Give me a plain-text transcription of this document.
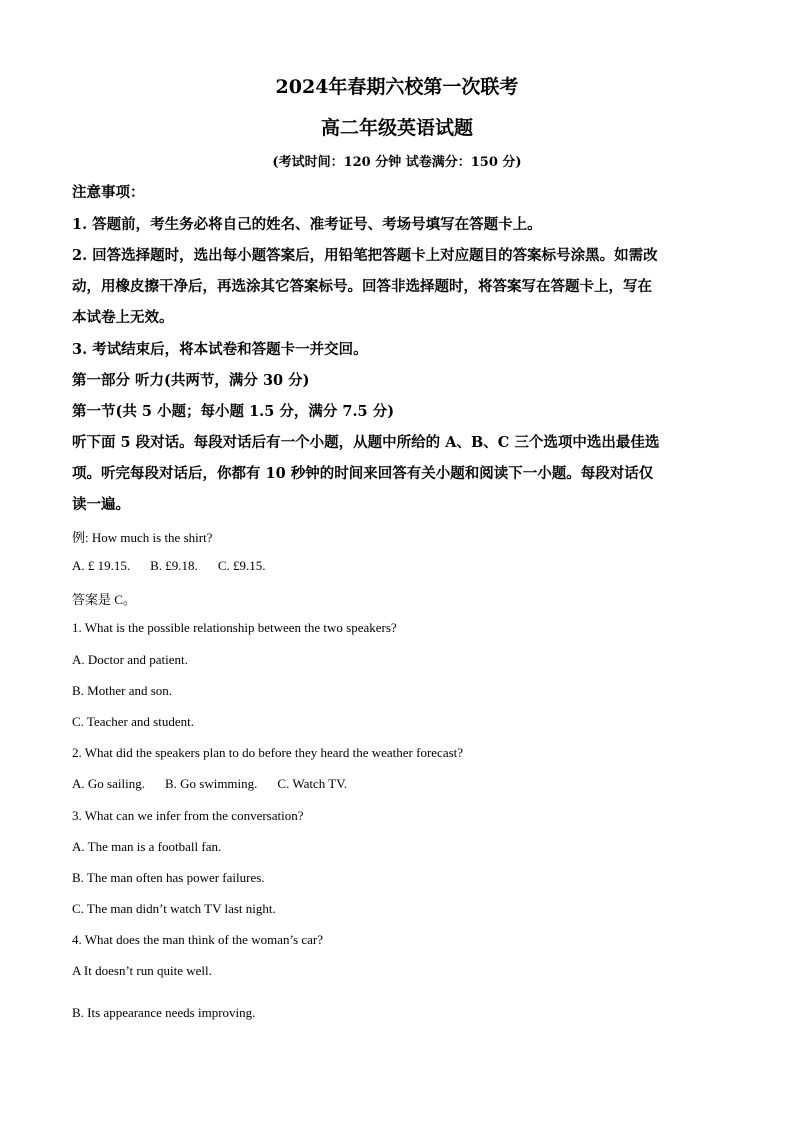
2024年春期六校第一次联考
高二年级英语试题
(考试时间：120 分钟 试卷满分：150 分)
注意事项：
1. 答题前，考生务必将自己的姓名、准考证号、考场号填写在答题卡上。
2. 回答选择题时，选出每小题答案后，用铅笔把答题卡上对应题目的答案标号涂黑。如需改
动，用橡皮擦干净后，再选涂其它答案标号。回答非选择题时，将答案写在答题卡上，写在
本试卷上无效。
3. 考试结束后，将本试卷和答题卡一并交回。
第一部分 听力(共两节，满分 30 分)
第一节(共 5 小题；每小题 1.5 分，满分 7.5 分)
听下面 5 段对话。每段对话后有一个小题，从题中所给的 A、B、C 三个选项中选出最佳选
项。听完每段对话后，你都有 10 秒钟的时间来回答有关小题和阅读下一小题。每段对话仅
读一遍。
例: How much is the shirt?
A. £ 19.15. B. £9.18. C. £9.15.
答案是 C。
1. What is the possible relationship between the two speakers?
A. Doctor and patient.
B. Mother and son.
C. Teacher and student.
2. What did the speakers plan to do before they heard the weather forecast?
A. Go sailing. B. Go swimming. C. Watch TV.
3. What can we infer from the conversation?
A. The man is a football fan.
B. The man often has power failures.
C. The man didn’t watch TV last night.
4. What does the man think of the woman’s car?
A It doesn’t run quite well.
B. Its appearance needs improving.
